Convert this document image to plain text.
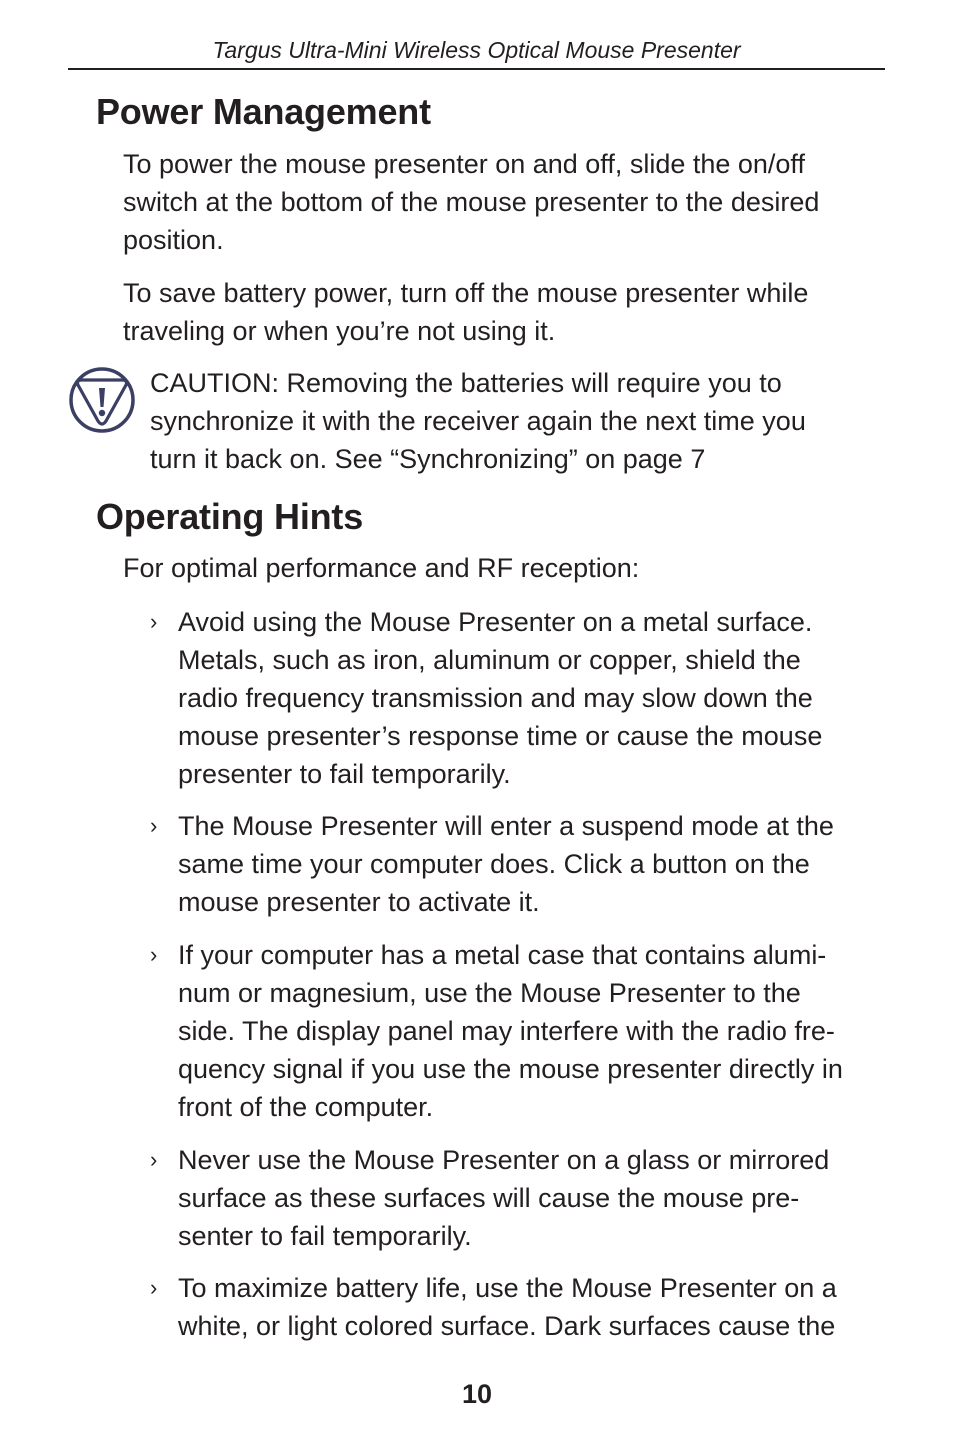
Targus Ultra-Mini Wireless Optical Mouse Presenter
Power Management

To power the mouse presenter on and off, slide the on/off
switch at the bottom of the mouse presenter to the desired
position.

To save battery power, turn off the mouse presenter while
traveling or when you’re not using it.

CAUTION: Removing the batteries will require you to
synchronize it with the receiver again the next time you
turn it back on. See “Synchronizing” on page 7

Operating Hints

For optimal performance and RF reception:

› Avoid using the Mouse Presenter on a metal surface.
Metals, such as iron, aluminum or copper, shield the
radio frequency transmission and may slow down the
mouse presenter’s response time or cause the mouse
presenter to fail temporarily.

› The Mouse Presenter will enter a suspend mode at the
same time your computer does. Click a button on the
mouse presenter to activate it.

› If your computer has a metal case that contains alumi-
num or magnesium, use the Mouse Presenter to the
side. The display panel may interfere with the radio fre-
quency signal if you use the mouse presenter directly in
front of the computer.

› Never use the Mouse Presenter on a glass or mirrored
surface as these surfaces will cause the mouse pre-
senter to fail temporarily.

› To maximize battery life, use the Mouse Presenter on a
white, or light colored surface. Dark surfaces cause the

10
